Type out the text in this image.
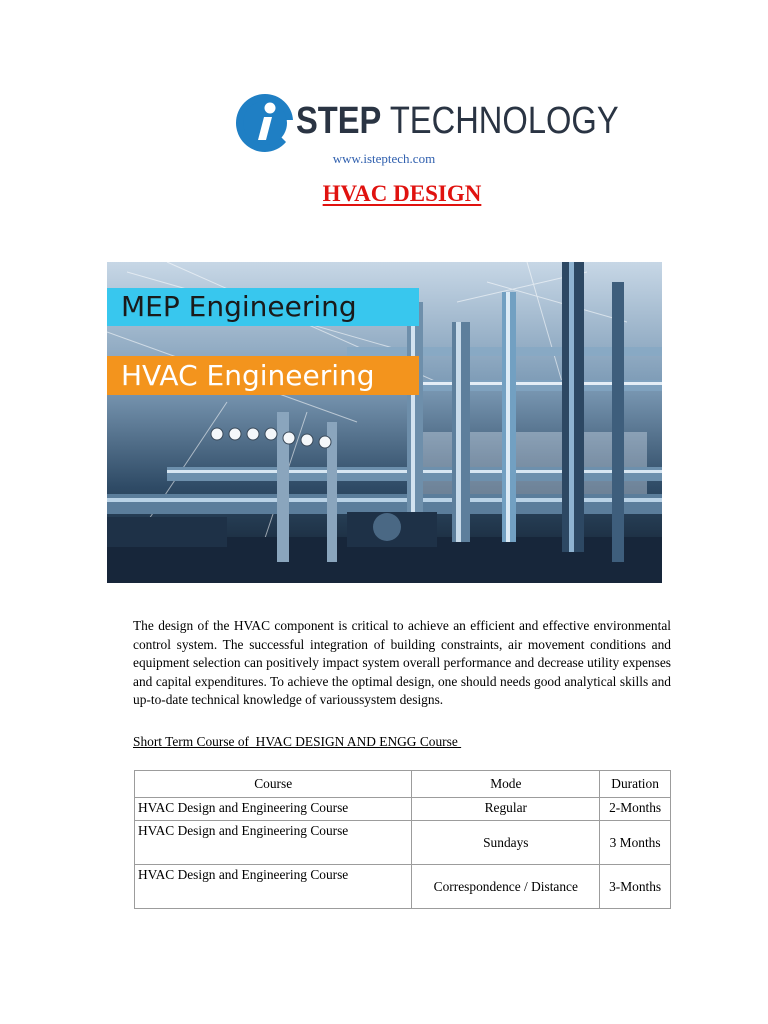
STEP TECHNOLOGY
www.isteptech.com
HVAC DESIGN
MEP Engineering
HVAC Engineering
The design of the HVAC component is critical to achieve an efficient and effective environmental control system. The successful integration of building constraints, air movement conditions and equipment selection can positively impact system overall performance and decrease utility expenses and capital expenditures. To achieve the optimal design, one should needs good analytical skills and up-to-date technical knowledge of varioussystem designs.
Short Term Course of  HVAC DESIGN AND ENGG Course
Course	Mode	Duration
HVAC Design and Engineering Course	Regular	2-Months
HVAC Design and Engineering Course	Sundays	3 Months
HVAC Design and Engineering Course	Correspondence / Distance	3-Months
